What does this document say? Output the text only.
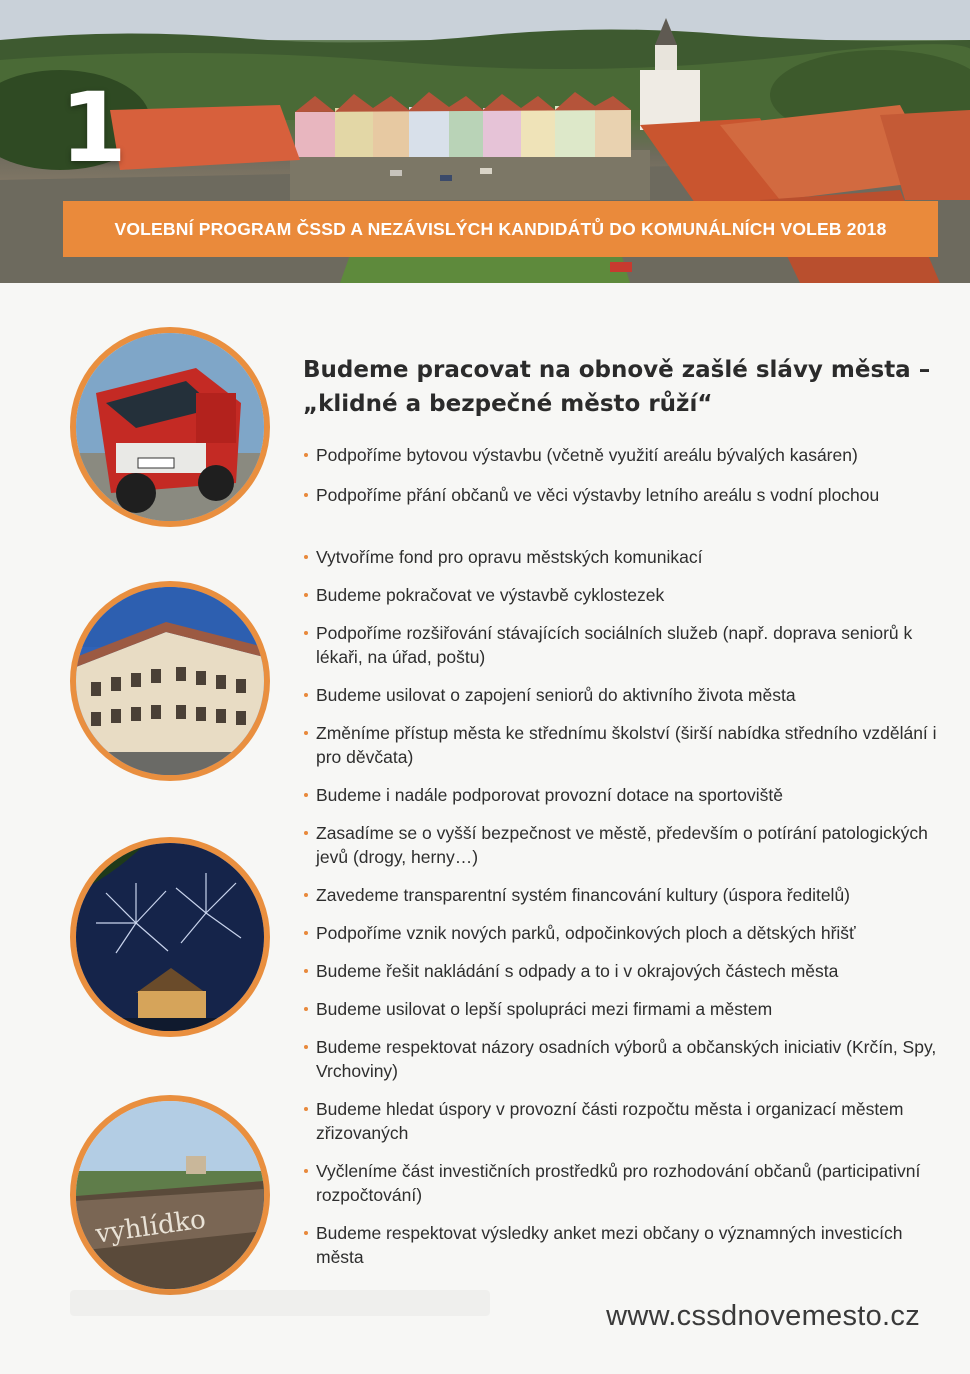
1
VOLEBNÍ PROGRAM ČSSD A NEZÁVISLÝCH KANDIDÁTŮ DO KOMUNÁLNÍCH VOLEB 2018
vyhlídko
Budeme pracovat na obnově zašlé slávy města –
„klidné a bezpečné město růží“
Podpoříme bytovou výstavbu (včetně využití areálu bývalých kasáren)
Podpoříme přání občanů ve věci výstavby letního areálu s vodní plochou
Vytvoříme fond pro opravu městských komunikací
Budeme pokračovat ve výstavbě cyklostezek
Podpoříme rozšiřování stávajících sociálních služeb (např. doprava seniorů k lékaři, na úřad, poštu)
Budeme usilovat o zapojení seniorů do aktivního života města
Změníme přístup města ke střednímu školství (širší nabídka středního vzdělání i pro děvčata)
Budeme i nadále podporovat provozní dotace na sportoviště
Zasadíme se o vyšší bezpečnost ve městě, především o potírání patologických jevů (drogy, herny…)
Zavedeme transparentní systém financování kultury (úspora ředitelů)
Podpoříme vznik nových parků, odpočinkových ploch a dětských hřišť
Budeme řešit nakládání s odpady a to i v okrajových částech města
Budeme usilovat o lepší spolupráci mezi firmami a městem
Budeme respektovat názory osadních výborů a občanských iniciativ (Krčín, Spy, Vrchoviny)
Budeme hledat úspory v provozní části rozpočtu města i organizací městem zřizovaných
Vyčleníme část investičních prostředků pro rozhodování občanů (participativní rozpočtování)
Budeme respektovat výsledky anket mezi občany o významných investicích města
www.cssdnovemesto.cz
